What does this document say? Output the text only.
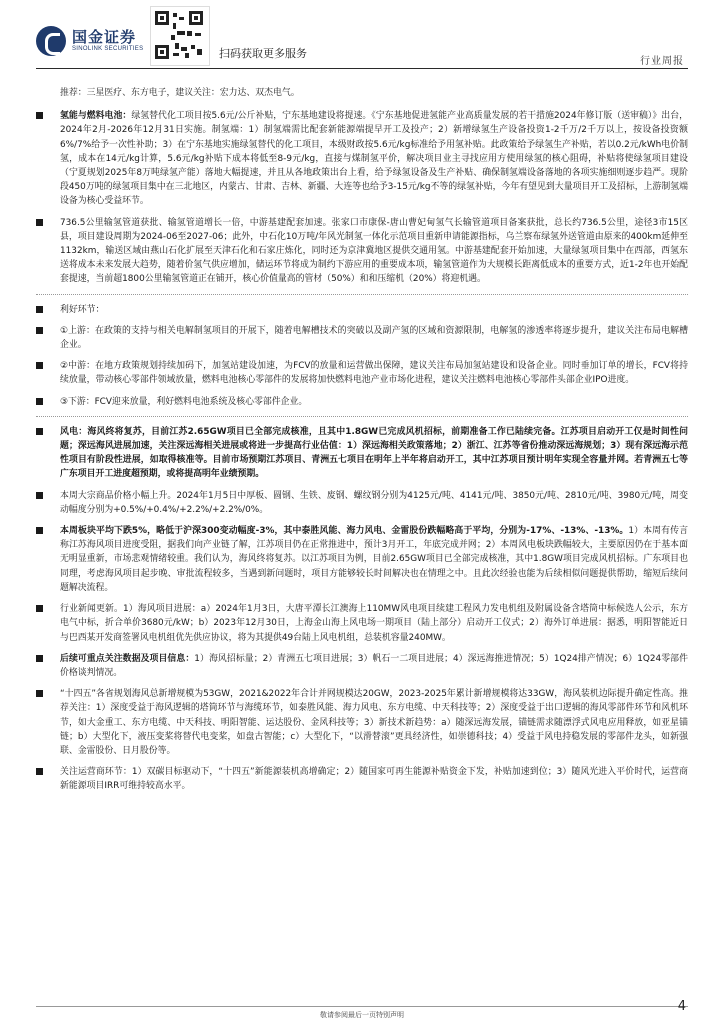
国金证券
SINOLINK SECURITIES	扫码获取更多服务
行业周报
推荐：三星医疗、东方电子，建议关注：宏力达、双杰电气。
氢能与燃料电池：绿氢替代化工项目按5.6元/公斤补贴，宁东基地建设将提速。《宁东基地促进氢能产业高质量发展的若干措施2024年修订版（送审稿）》出台，2024年2月-2026年12月31日实施。制氢端：1）制氢端需比配套新能源端提早开工及投产；2）新增绿氢生产设备投资1-2千万/2千万以上，按设备投资额6%/7%给予一次性补助；3）在宁东基地实施绿氢替代的化工项目，本级财政按5.6元/kg标准给予用氢补贴。此政策给予绿氢生产补贴，若以0.2元/kWh电价制氢，成本在14元/kg计算，5.6元/kg补贴下成本将低至8-9元/kg，直接与煤制氢平价，解决项目业主寻找应用方使用绿氢的核心阻碍，补贴将使绿氢项目建设（宁夏规划2025年8万吨绿氢产能）落地大幅提速，并且从各地政策出台上看，给予绿氢设备及生产补贴、确保制氢端设备落地的各项实施细则逐步趋严。现阶段450万吨的绿氢项目集中在三北地区，内蒙古、甘肃、吉林、新疆、大连等也给予3-15元/kg不等的绿氢补贴，今年有望见到大量项目开工及招标，上游制氢端设备为核心受益环节。
736.5公里输氢管道获批、输氢管道增长一倍，中游基建配套加速。张家口市康保-唐山曹妃甸氢气长输管道项目备案获批，总长约736.5公里，途径3市15区县，项目建设周期为2024-06至2027-06；此外，中石化10万吨/年风光制氢一体化示范项目重新申请能源指标，乌兰察布绿氢外送管道由原来的400km延伸至1132km，输送区域由燕山石化扩展至天津石化和石家庄炼化，同时还为京津冀地区提供交通用氢。中游基建配套开始加速，大量绿氢项目集中在西部，西氢东送将成本未来发展大趋势，随着价氢气供应增加，储运环节将成为制约下游应用的重要成本项，输氢管道作为大规模长距离低成本的重要方式，近1-2年也开始配套提速，当前超1800公里输氢管道正在铺开，核心价值量高的管材（50%）和和压缩机（20%）将迎机遇。
利好环节：
①上游：在政策的支持与相关电解制氢项目的开展下，随着电解槽技术的突破以及副产氢的区域和资源限制，电解氢的渗透率将逐步提升，建议关注布局电解槽企业。
②中游：在地方政策规划持续加码下，加氢站建设加速，为FCV的放量和运营做出保障，建议关注布局加氢站建设和设备企业。同时垂加订单的增长，FCV将持续放量，带动核心零部件领域放量，燃料电池核心零部件的发展将加快燃料电池产业市场化进程，建议关注燃料电池核心零部件头部企业IPO进度。
③下游：FCV迎来放量，利好燃料电池系统及核心零部件企业。
风电：海风终将复苏，目前江苏2.65GW项目已全部完成核准，且其中1.8GW已完成风机招标，前期准备工作已陆续完备。江苏项目启动开工仅是时间性问题；深远海风进展加速，关注深远海相关进展或将进一步提高行业估值：1）深远海相关政策落地；2）浙江、江苏等省份推动深远海规划；3）现有深远海示范性项目有阶段性进展，如取得核准等。目前市场预期江苏项目、青洲五七项目在明年上半年将启动开工，其中江苏项目预计明年实现全容量并网。若青洲五七等广东项目开工进度超预期，或将提高明年业绩预期。
本周大宗商品价格小幅上升。2024年1月5日中厚板、圆钢、生铁、废钢、螺纹钢分别为4125元/吨、4141元/吨、3850元/吨、2810元/吨、3980元/吨，周变动幅度分别为+0.5%/+0.4%/+2.2%/+2.2%/0%。
本周板块平均下跌5%，略低于沪深300变动幅度-3%，其中泰胜风能、海力风电、金雷股份跌幅略高于平均，分别为-17%、-13%、-13%。1）本周有传言称江苏海风项目进度受阻，据我们向产业链了解，江苏项目仍在正常推进中，预计3月开工，年底完成并网；2）本周风电板块跌幅较大，主要原因仍在于基本面无明显重新，市场悲观情绪较重。我们认为，海风终将复苏。以江苏项目为例，目前2.65GW项目已全部完成核准，其中1.8GW项目完成风机招标。广东项目也同理，考虑海风项目起步晚、审批流程较多，当遇到新问题时，项目方能够较长时间解决也在情理之中。且此次经验也能为后续相似问题提供帮助，缩短后续问题解决流程。
行业新闻更新。1）海风项目进展：a）2024年1月3日，大唐平潭长江澳海上110MW风电项目续建工程风力发电机组及附属设备含塔筒中标候选人公示，东方电气中标，折合单价3680元/kW；b）2023年12月30日，上海金山海上风电场一期项目（陆上部分）启动开工仪式；2）海外订单进展：据悉，明阳智能近日与巴西某开发商签署风电机组优先供应协议，将为其提供49台陆上风电机组，总装机容量240MW。
后续可重点关注数据及项目信息：1）海风招标量；2）青洲五七项目进展；3）帆石一二项目进展；4）深远海推进情况；5）1Q24排产情况；6）1Q24零部件价格谈判情况。
“十四五”各省规划海风总新增规模为53GW，2021&2022年合计并网规模达20GW，2023-2025年累计新增规模将达33GW，海风装机边际提升确定性高。推荐关注：1）深度受益于海风逻辑的塔筒环节与海缆环节，如泰胜风能、海力风电、东方电缆、中天科技等；2）深度受益于出口逻辑的海风零部件环节和风机环节，如大金重工、东方电缆、中天科技、明阳智能、运达股份、金风科技等；3）新技术新趋势：a）随深远海发展，锚链需求随漂浮式风电应用释放，如亚星锚链；b）大型化下，液压变桨将替代电变桨，如盘古智能；c）大型化下，“以滑替滚”更具经济性，如崇德科技；4）受益于风电持稳发展的零部件龙头，如新强联、金雷股份、日月股份等。
关注运营商环节：1）双碳目标驱动下，“十四五”新能源装机高增确定；2）随国家可再生能源补贴资金下发，补贴加速到位；3）随风光进入平价时代，运营商新能源项目IRR可维持较高水平。
敬请参阅最后一页特别声明
4
